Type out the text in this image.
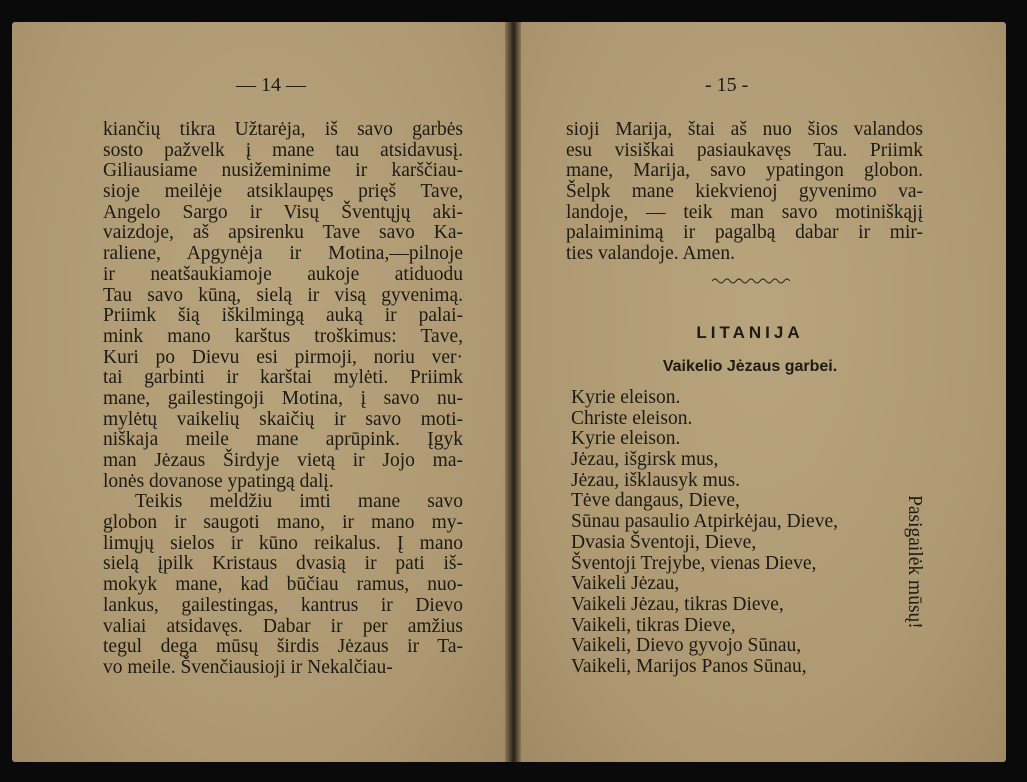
— 14 —	- 15 -
kiančių tikra Užtarėja, iš savo garbės
sosto pažvelk į mane tau atsidavusį.
Giliausiame nusižeminime ir karščiau-
sioje meilėje atsiklaupęs prięš Tave,
Angelo Sargo ir Visų Šventųjų aki-
vaizdoje, aš apsirenku Tave savo Ka-
raliene, Apgynėja ir Motina,—pilnoje
ir neatšaukiamoje aukoje atiduodu
Tau savo kūną, sielą ir visą gyvenimą.
Priimk šią iškilmingą auką ir palai-
mink mano karštus troškimus: Tave,
Kuri po Dievu esi pirmoji, noriu ver·
tai garbinti ir karštai mylėti. Priimk
mane, gailestingoji Motina, į savo nu-
mylėtų vaikelių skaičių ir savo moti-
niškaja meile mane aprūpink. Įgyk
man Jėzaus Širdyje vietą ir Jojo ma-
lonės dovanose ypatingą dalį.
Teikis meldžiu imti mane savo
globon ir saugoti mano, ir mano my-
limųjų sielos ir kūno reikalus. Į mano
sielą įpilk Kristaus dvasią ir pati iš-
mokyk mane, kad būčiau ramus, nuo-
lankus, gailestingas, kantrus ir Dievo
valiai atsidavęs. Dabar ir per amžius
tegul dega mūsų širdis Jėzaus ir Ta-
vo meile. Švenčiausioji ir Nekalčiau-
sioji Marija, štai aš nuo šios valandos
esu visiškai pasiaukavęs Tau. Priimk
mane, Marija, savo ypatingon globon.
Šelpk mane kiekvienoj gyvenimo va-
landoje, — teik man savo motiniškąjį
palaiminimą ir pagalbą dabar ir mir-
ties valandoje. Amen.
LITANIJA
Vaikelio Jėzaus garbei.
Kyrie eleison.
Christe eleison.
Kyrie eleison.
Jėzau, išgirsk mus,
Jėzau, išklausyk mus.
Tėve dangaus, Dieve,
Sūnau pasaulio Atpirkėjau, Dieve,
Dvasia Šventoji, Dieve,
Šventoji Trejybe, vienas Dieve,
Vaikeli Jėzau,
Vaikeli Jėzau, tikras Dieve,
Vaikeli, tikras Dieve,
Vaikeli, Dievo gyvojo Sūnau,
Vaikeli, Marijos Panos Sūnau,
Pasigailėk mūsų!
